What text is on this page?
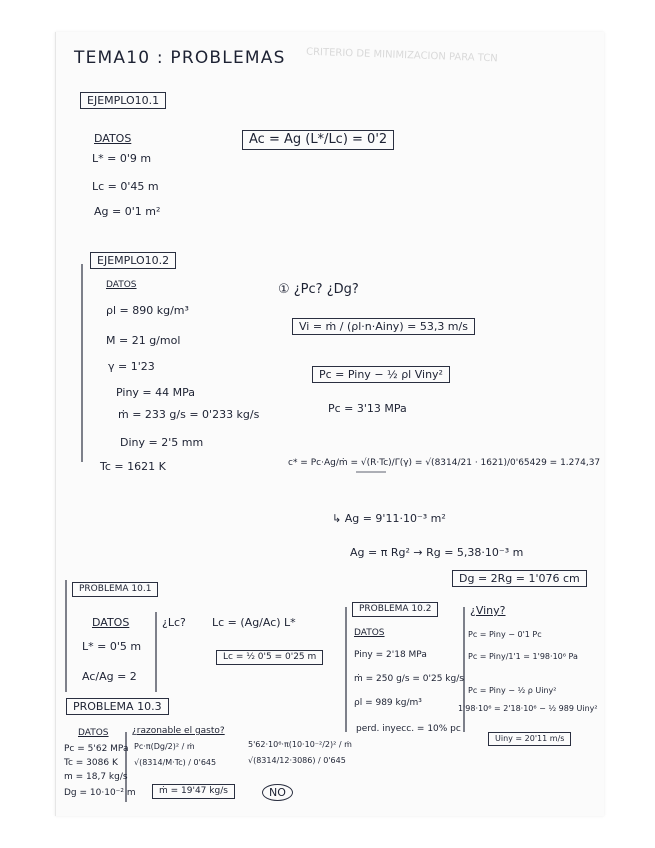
CRITERIO DE MINIMIZACION PARA TCN
TEMA10 : PROBLEMAS
EJEMPLO10.1
DATOS
L* = 0'9 m
Lc = 0'45 m
Ag = 0'1 m²
Ac = Ag (L*/Lc) = 0'2
EJEMPLO10.2
DATOS
ρl = 890 kg/m³
M = 21 g/mol
γ = 1'23
Piny = 44 MPa
ṁ = 233 g/s = 0'233 kg/s
Diny = 2'5 mm
Tc = 1621 K
① ¿Pc? ¿Dg?
Vi = ṁ / (ρl·n·Ainy) = 53,3 m/s
Pc = Piny − ½ ρl Viny²
Pc = 3'13 MPa
c* = Pc·Ag/ṁ = √(R·Tc)/Γ(γ) = √(8314/21 · 1621)/0'65429 = 1.274,37
↳ Ag = 9'11·10⁻³ m²
Ag = π Rg² → Rg = 5,38·10⁻³ m
Dg = 2Rg = 1'076 cm
PROBLEMA 10.1
DATOS
L* = 0'5 m
Ac/Ag = 2
¿Lc? Lc = (Ag/Ac) L*
Lc = ½ 0'5 = 0'25 m
PROBLEMA 10.3
DATOS
Pc = 5'62 MPa
Tc = 3086 K
m = 18,7 kg/s
Dg = 10·10⁻² m
¿razonable el gasto?
Pc·π(Dg/2)² / ṁ
√(8314/M·Tc) / 0'645
5'62·10⁶·π(10·10⁻²/2)² / ṁ
√(8314/12·3086) / 0'645
ṁ = 19'47 kg/s	NO
PROBLEMA 10.2
DATOS
Piny = 2'18 MPa
ṁ = 250 g/s = 0'25 kg/s
ρl = 989 kg/m³
perd. inyecc. = 10% pc
¿Viny?
Pc = Piny − 0'1 Pc
Pc = Piny/1'1 = 1'98·10⁶ Pa
Pc = Piny − ½ ρ Uiny²
1'98·10⁶ = 2'18·10⁶ − ½ 989 Uiny²
Uiny = 20'11 m/s
